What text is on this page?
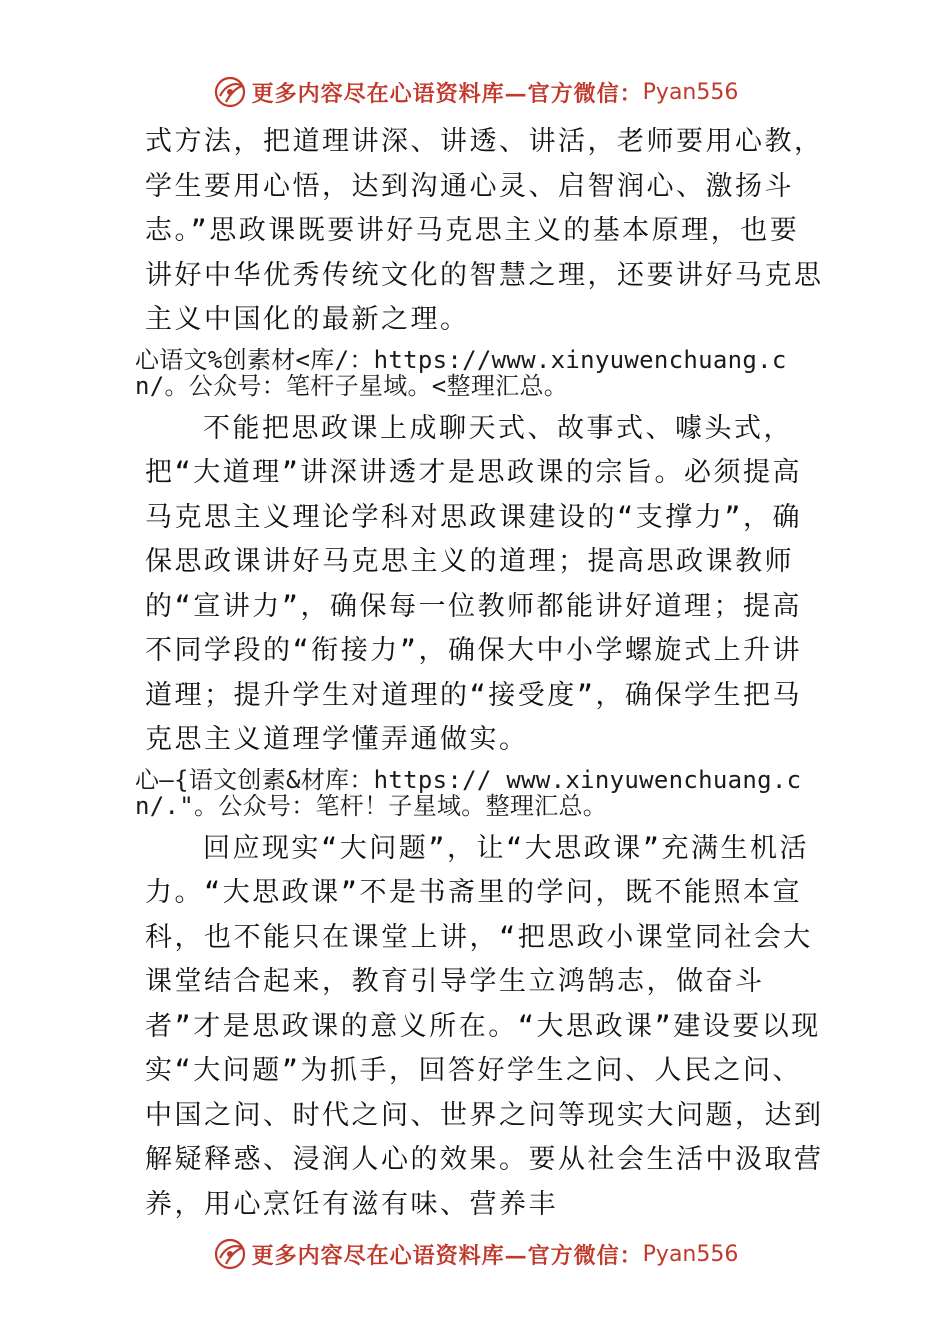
更多内容尽在心语资料库—官方微信： Pyan556

式方法，把道理讲深、讲透、讲活，老师要用心教，学生要用心悟，达到沟通心灵、启智润心、激扬斗志。”思政课既要讲好马克思主义的基本原理，也要讲好中华优秀传统文化的智慧之理，还要讲好马克思主义中国化的最新之理。

心语文%创素材<库/：https://www.xinyuwenchuang.cn/。公众号：笔杆子星域。<整理汇总。

不能把思政课上成聊天式、故事式、噱头式，把“大道理”讲深讲透才是思政课的宗旨。必须提高马克思主义理论学科对思政课建设的“支撑力”，确保思政课讲好马克思主义的道理；提高思政课教师的“宣讲力”，确保每一位教师都能讲好道理；提高不同学段的“衔接力”，确保大中小学螺旋式上升讲道理；提升学生对道理的“接受度”，确保学生把马克思主义道理学懂弄通做实。

心—{语文创素&材库：https:// www.xinyuwenchuang.cn/."。公众号：笔杆！子星域。整理汇总。

回应现实“大问题”，让“大思政课”充满生机活力。“大思政课”不是书斋里的学问，既不能照本宣科，也不能只在课堂上讲，“把思政小课堂同社会大课堂结合起来，教育引导学生立鸿鹄志，做奋斗者”才是思政课的意义所在。“大思政课”建设要以现实“大问题”为抓手，回答好学生之问、人民之问、中国之问、时代之问、世界之问等现实大问题，达到解疑释惑、浸润人心的效果。要从社会生活中汲取营养，用心烹饪有滋有味、营养丰

更多内容尽在心语资料库—官方微信： Pyan556
